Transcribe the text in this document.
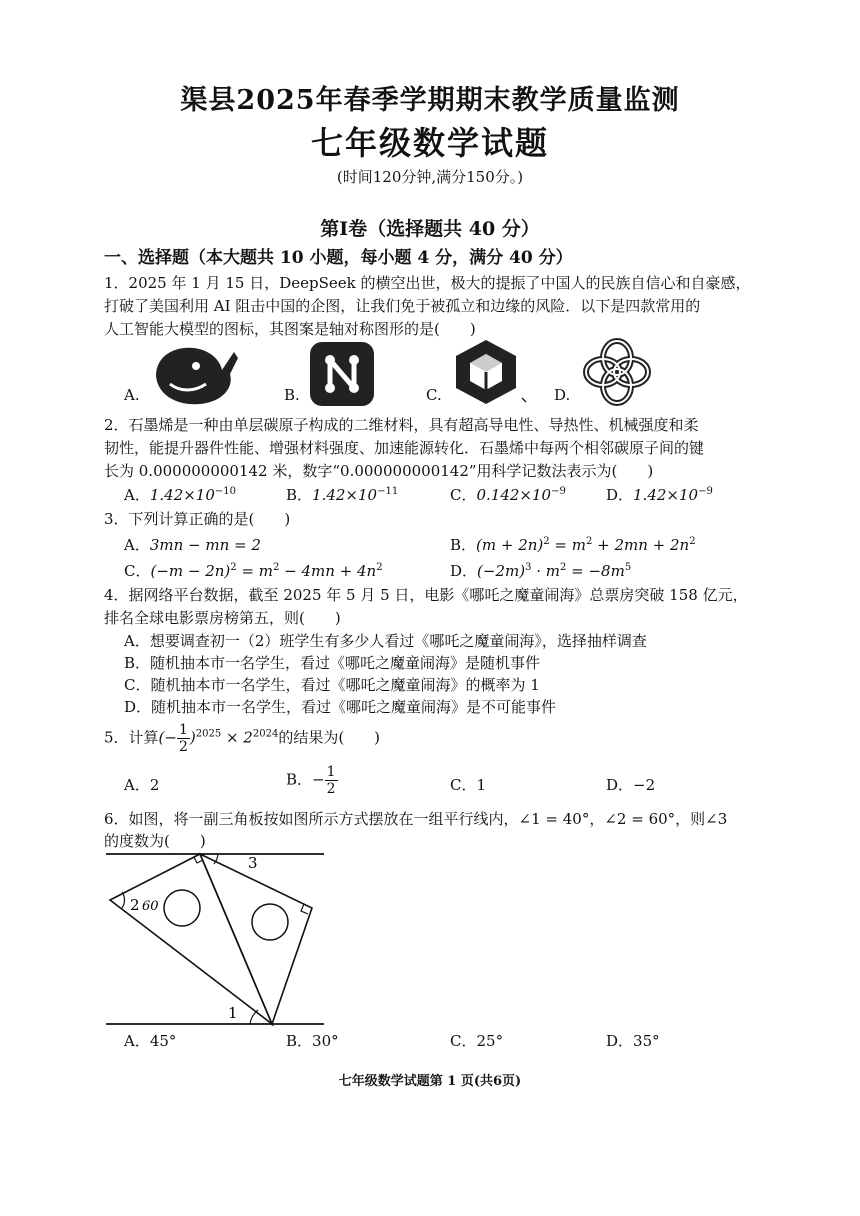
渠县2025年春季学期期末教学质量监测
七年级数学试题
(时间120分钟,满分150分。)
第Ⅰ卷（选择题共 40 分）
一、选择题（本大题共 10 小题，每小题 4 分，满分 40 分）
1．2025 年 1 月 15 日，DeepSeek 的横空出世，极大的提振了中国人的民族自信心和自豪感，
打破了美国利用 AI 阻击中国的企图，让我们免于被孤立和边缘的风险．以下是四款常用的
人工智能大模型的图标，其图案是轴对称图形的是(　　)
A.	B.	C.	D.
2．石墨烯是一种由单层碳原子构成的二维材料，具有超高导电性、导热性、机械强度和柔
韧性，能提升器件性能、增强材料强度、加速能源转化．石墨烯中每两个相邻碳原子间的键
长为 0.000000000142 米，数字“0.000000000142”用科学记数法表示为(　　)
A．$1.42\times 10^{-10}$	B．$1.42\times 10^{-11}$	C．$0.142\times 10^{-9}$	D．$1.42\times 10^{-9}$
3．下列计算正确的是(　　)
A．3mn − mn = 2	B．$(m + 2n)^2 = m^2 + 2mn + 2n^2$
C．$(-m - 2n)^2 = m^2 - 4mn + 4n^2$	D．$(-2m)^3 \cdot m^2 = -8m^5$
4．据网络平台数据，截至 2025 年 5 月 5 日，电影《哪吒之魔童闹海》总票房突破 158 亿元，
排名全球电影票房榜第五，则(　　)
A．想要调查初一（2）班学生有多少人看过《哪吒之魔童闹海》，选择抽样调查
B．随机抽本市一名学生，看过《哪吒之魔童闹海》是随机事件
C．随机抽本市一名学生，看过《哪吒之魔童闹海》的概率为 1
D．随机抽本市一名学生，看过《哪吒之魔童闹海》是不可能事件
5．计算(− $\frac{1}{2} )^{2025} \times 2^{2024}$的结果为(　　)
A．2	B．− $\frac{1}{2}$	C．1	D．−2
6．如图，将一副三角板按如图所示方式摆放在一组平行线内，∠1 = 40°，∠2 = 60°，则∠3
的度数为(　　)
3
1
2 60
A．45°	B．30°	C．25°	D．35°
七年级数学试题第 1 页(共6页)
